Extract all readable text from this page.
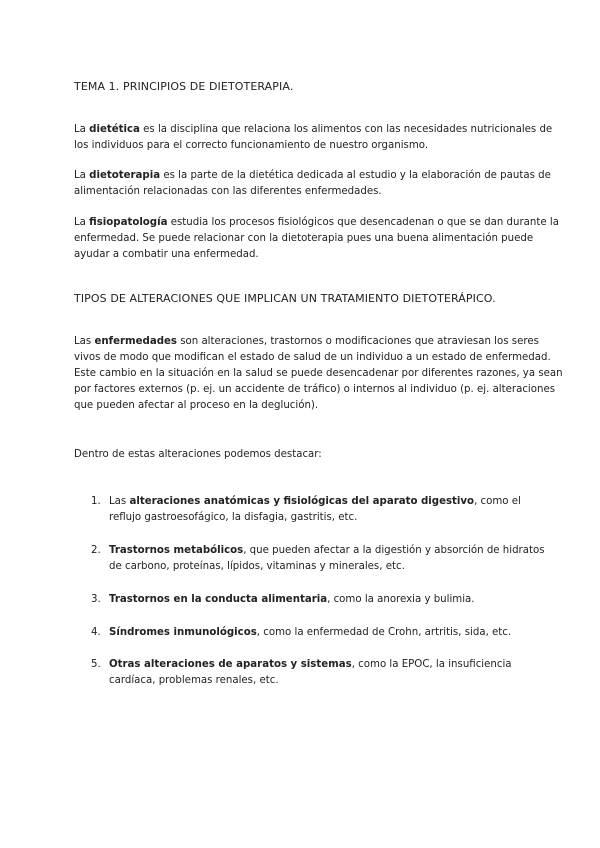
TEMA 1. PRINCIPIOS DE DIETOTERAPIA.
La dietética es la disciplina que relaciona los alimentos con las necesidades nutricionales de los individuos para el correcto funcionamiento de nuestro organismo.
La dietoterapia es la parte de la dietética dedicada al estudio y la elaboración de pautas de alimentación relacionadas con las diferentes enfermedades.
La fisiopatología estudia los procesos fisiológicos que desencadenan o que se dan durante la enfermedad. Se puede relacionar con la dietoterapia pues una buena alimentación puede ayudar a combatir una enfermedad.
TIPOS DE ALTERACIONES QUE IMPLICAN UN TRATAMIENTO DIETOTERÁPICO.
Las enfermedades son alteraciones, trastornos o modificaciones que atraviesan los seres vivos de modo que modifican el estado de salud de un individuo a un estado de enfermedad. Este cambio en la situación en la salud se puede desencadenar por diferentes razones, ya sean por factores externos (p. ej. un accidente de tráfico) o internos al individuo (p. ej. alteraciones que pueden afectar al proceso en la deglución).
Dentro de estas alteraciones podemos destacar:
1. Las alteraciones anatómicas y fisiológicas del aparato digestivo, como el reflujo gastroesofágico, la disfagia, gastritis, etc.
2. Trastornos metabólicos, que pueden afectar a la digestión y absorción de hidratos de carbono, proteínas, lípidos, vitaminas y minerales, etc.
3. Trastornos en la conducta alimentaria, como la anorexia y bulimia.
4. Síndromes inmunológicos, como la enfermedad de Crohn, artritis, sida, etc.
5. Otras alteraciones de aparatos y sistemas, como la EPOC, la insuficiencia cardíaca, problemas renales, etc.
